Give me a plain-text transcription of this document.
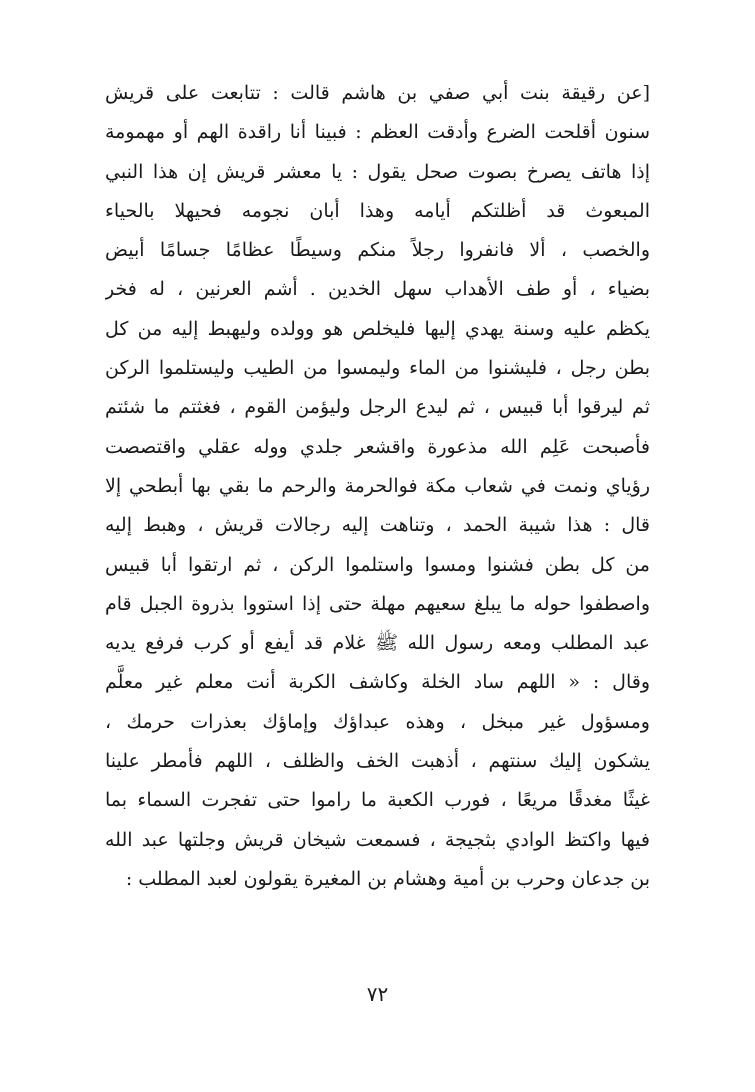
[عن رقيقة بنت أبي صفي بن هاشم قالت : تتابعت على قريش
سنون أقلحت الضرع وأدقت العظم : فبينا أنا راقدة الهم أو مهمومة
إذا هاتف يصرخ بصوت صحل يقول : يا معشر قريش إن هذا النبي
المبعوث قد أظلتكم أيامه وهذا أبان نجومه فحيهلا بالحياء
والخصب ، ألا فانفروا رجلاً منكم وسيطًا عظامًا جسامًا أبيض
بضياء ، أو طف الأهداب سهل الخدين . أشم العرنين ، له فخر
يكظم عليه وسنة يهدي إليها فليخلص هو وولده وليهبط إليه من كل
بطن رجل ، فليشنوا من الماء وليمسوا من الطيب وليستلموا الركن
ثم ليرقوا أبا قبيس ، ثم ليدع الرجل وليؤمن القوم ، فغثتم ما شئتم
فأصبحت عَلِم الله مذعورة واقشعر جلدي ووله عقلي واقتصصت
رؤياي ونمت في شعاب مكة فوالحرمة والرحم ما بقي بها أبطحي إلا
قال : هذا شيبة الحمد ، وتناهت إليه رجالات قريش ، وهبط إليه
من كل بطن فشنوا ومسوا واستلموا الركن ، ثم ارتقوا أبا قبيس
واصطفوا حوله ما يبلغ سعيهم مهلة حتى إذا استووا بذروة الجبل قام
عبد المطلب ومعه رسول الله ﷺ غلام قد أيفع أو كرب فرفع يديه
وقال : « اللهم ساد الخلة وكاشف الكربة أنت معلم غير معلَّم
ومسؤول غير مبخل ، وهذه عبداؤك وإماؤك بعذرات حرمك ،
يشكون إليك سنتهم ، أذهبت الخف والظلف ، اللهم فأمطر علينا
غيثًا مغدقًا مريعًا ، فورب الكعبة ما راموا حتى تفجرت السماء بما
فيها واكتظ الوادي بثجيجة ، فسمعت شيخان قريش وجلتها عبد الله
بن جدعان وحرب بن أمية وهشام بن المغيرة يقولون لعبد المطلب :
٧٢
